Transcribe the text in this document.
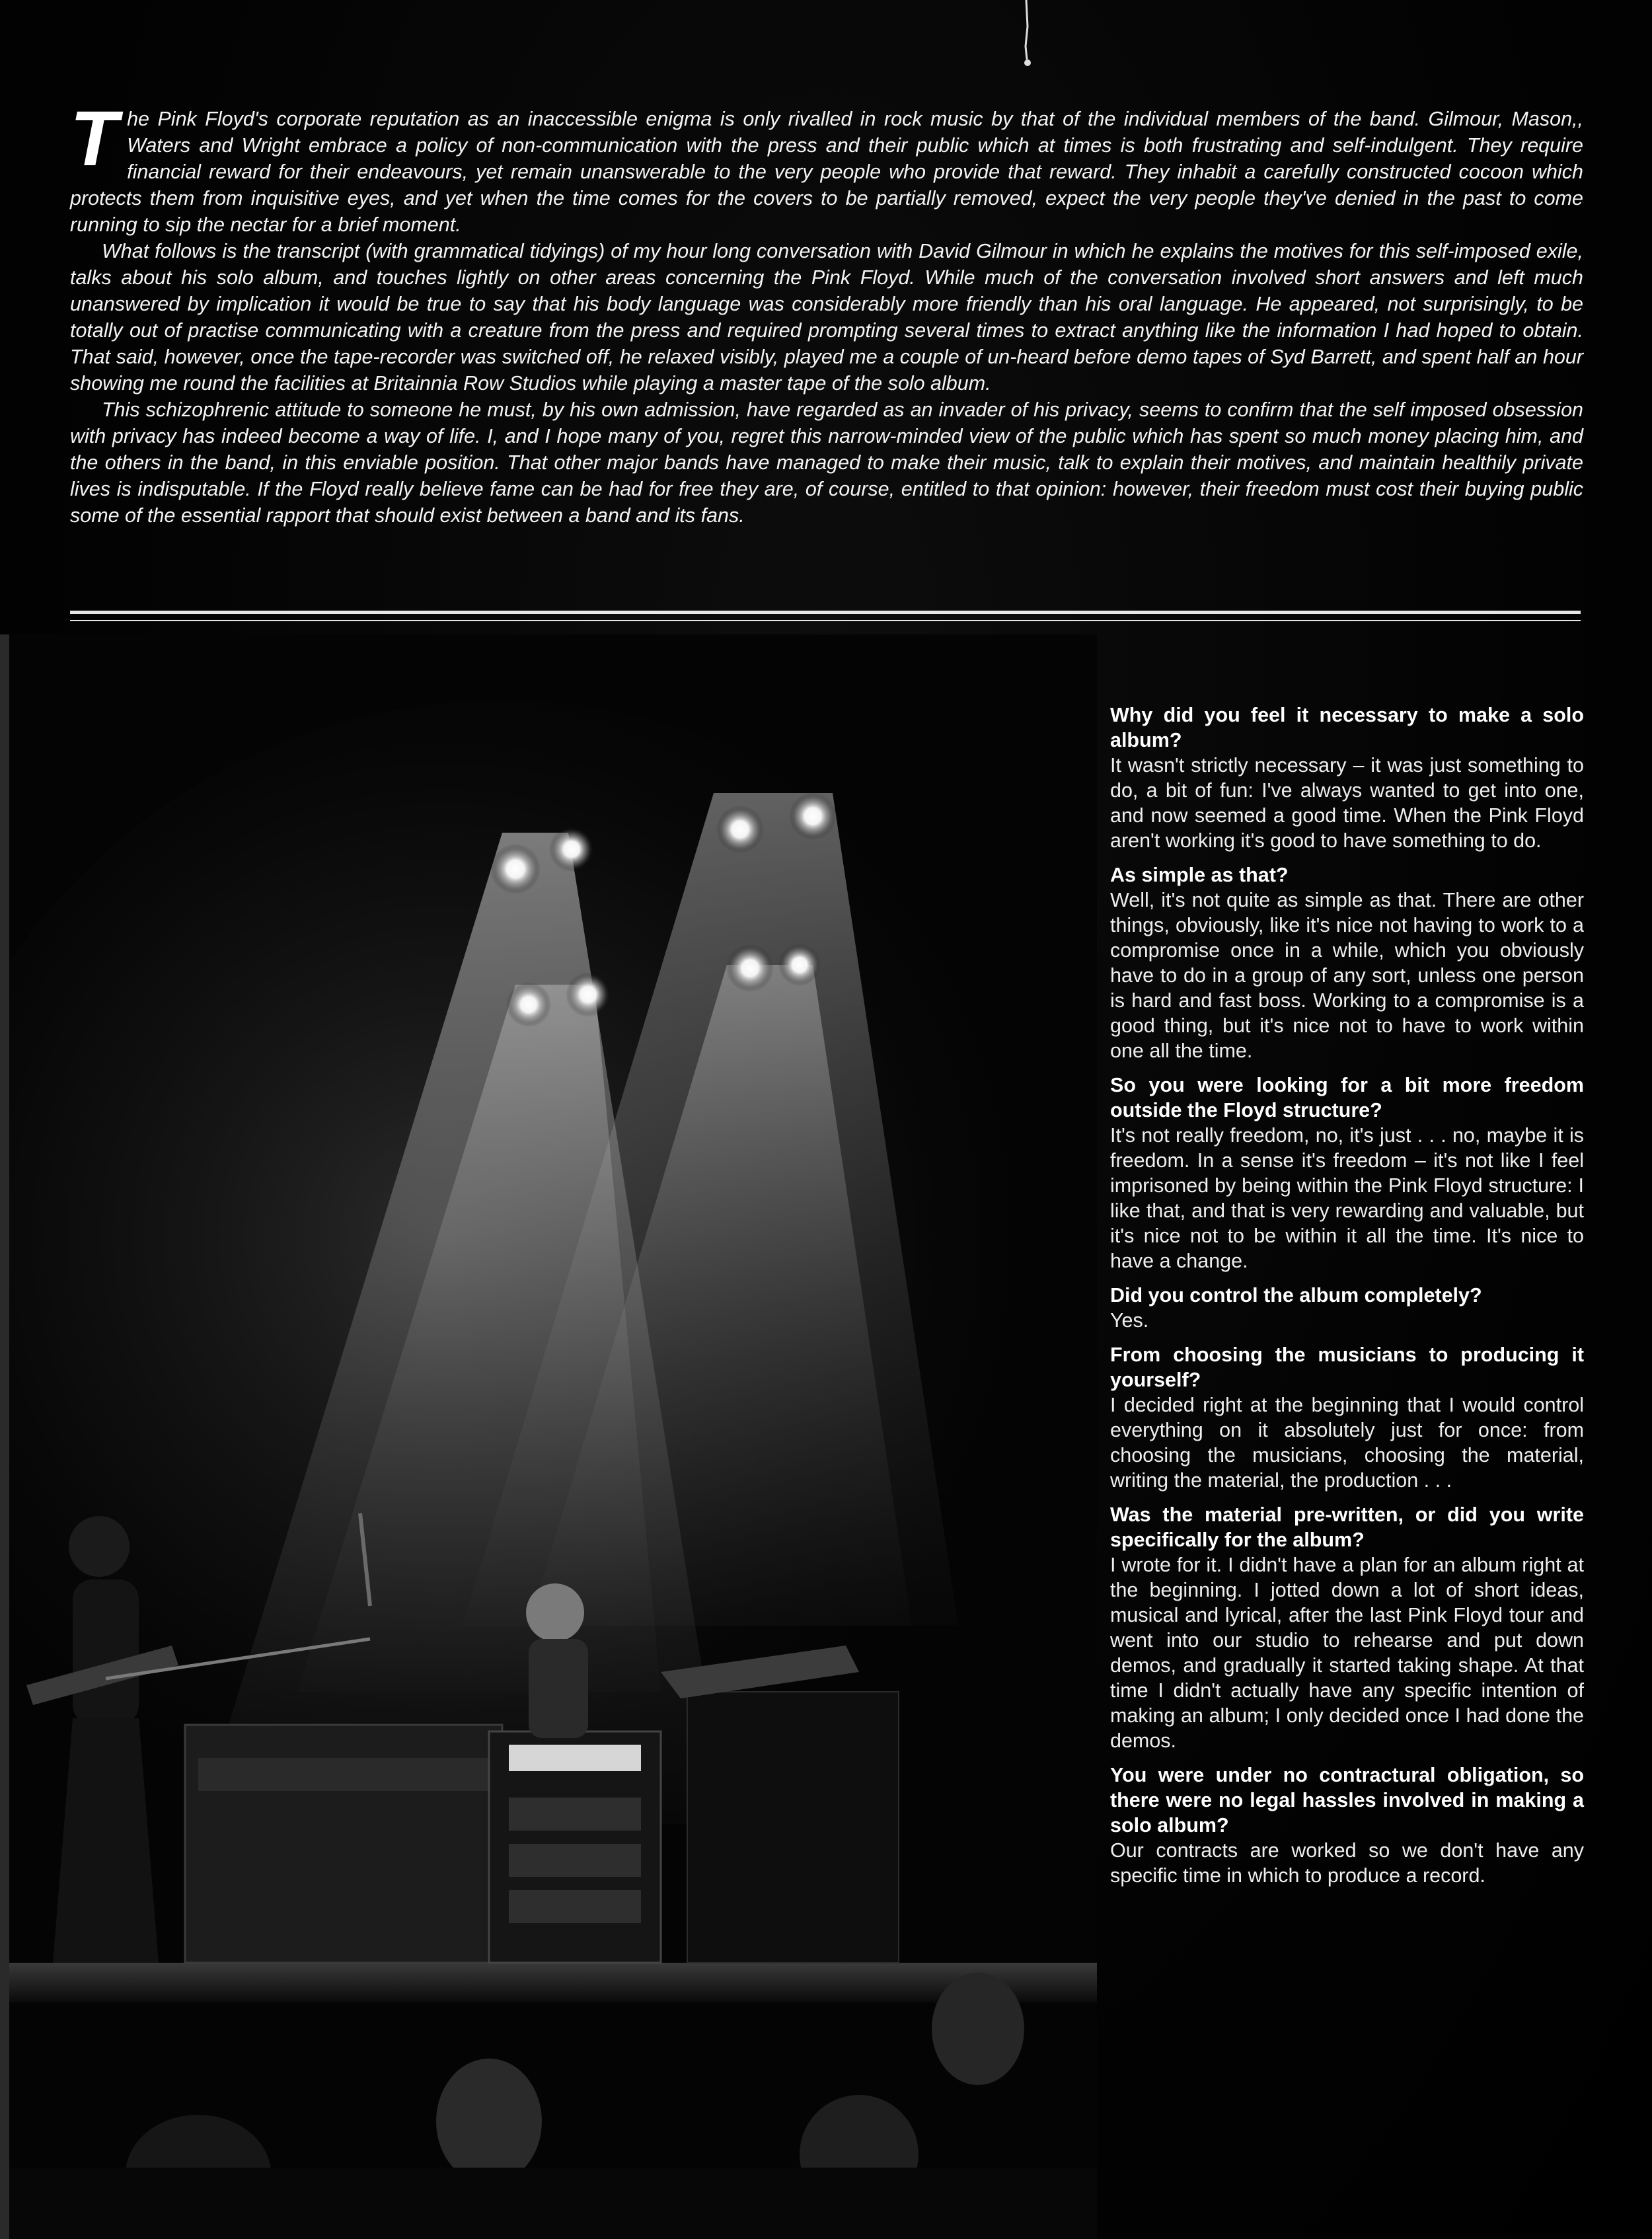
The Pink Floyd's corporate reputation as an inaccessible enigma is only rivalled in rock music by that of the individual members of the band. Gilmour, Mason,, Waters and Wright embrace a policy of non-communication with the press and their public which at times is both frustrating and self-indulgent. They require financial reward for their endeavours, yet remain unanswerable to the very people who provide that reward. They inhabit a carefully constructed cocoon which protects them from inquisitive eyes, and yet when the time comes for the covers to be partially removed, expect the very people they've denied in the past to come running to sip the nectar for a brief moment.

What follows is the transcript (with grammatical tidyings) of my hour long conversation with David Gilmour in which he explains the motives for this self-imposed exile, talks about his solo album, and touches lightly on other areas concerning the Pink Floyd. While much of the conversation involved short answers and left much unanswered by implication it would be true to say that his body language was considerably more friendly than his oral language. He appeared, not surprisingly, to be totally out of practise communicating with a creature from the press and required prompting several times to extract anything like the information I had hoped to obtain. That said, however, once the tape-recorder was switched off, he relaxed visibly, played me a couple of un-heard before demo tapes of Syd Barrett, and spent half an hour showing me round the facilities at Britainnia Row Studios while playing a master tape of the solo album.

This schizophrenic attitude to someone he must, by his own admission, have regarded as an invader of his privacy, seems to confirm that the self imposed obsession with privacy has indeed become a way of life. I, and I hope many of you, regret this narrow-minded view of the public which has spent so much money placing him, and the others in the band, in this enviable position. That other major bands have managed to make their music, talk to explain their motives, and maintain healthily private lives is indisputable. If the Floyd really believe fame can be had for free they are, of course, entitled to that opinion: however, their freedom must cost their buying public some of the essential rapport that should exist between a band and its fans.

Why did you feel it necessary to make a solo album?

It wasn't strictly necessary – it was just something to do, a bit of fun: I've always wanted to get into one, and now seemed a good time. When the Pink Floyd aren't working it's good to have something to do.

As simple as that?

Well, it's not quite as simple as that. There are other things, obviously, like it's nice not having to work to a compromise once in a while, which you obviously have to do in a group of any sort, unless one person is hard and fast boss. Working to a compromise is a good thing, but it's nice not to have to work within one all the time.

So you were looking for a bit more freedom outside the Floyd structure?

It's not really freedom, no, it's just . . . no, maybe it is freedom. In a sense it's freedom – it's not like I feel imprisoned by being within the Pink Floyd structure: I like that, and that is very rewarding and valuable, but it's nice not to be within it all the time. It's nice to have a change.

Did you control the album completely?

Yes.

From choosing the musicians to producing it yourself?

I decided right at the beginning that I would control everything on it absolutely just for once: from choosing the musicians, choosing the material, writing the material, the production . . .

Was the material pre-written, or did you write specifically for the album?

I wrote for it. I didn't have a plan for an album right at the beginning. I jotted down a lot of short ideas, musical and lyrical, after the last Pink Floyd tour and went into our studio to rehearse and put down demos, and gradually it started taking shape. At that time I didn't actually have any specific intention of making an album; I only decided once I had done the demos.

You were under no contractural obligation, so there were no legal hassles involved in making a solo album?

Our contracts are worked so we don't have any specific time in which to produce a record.
